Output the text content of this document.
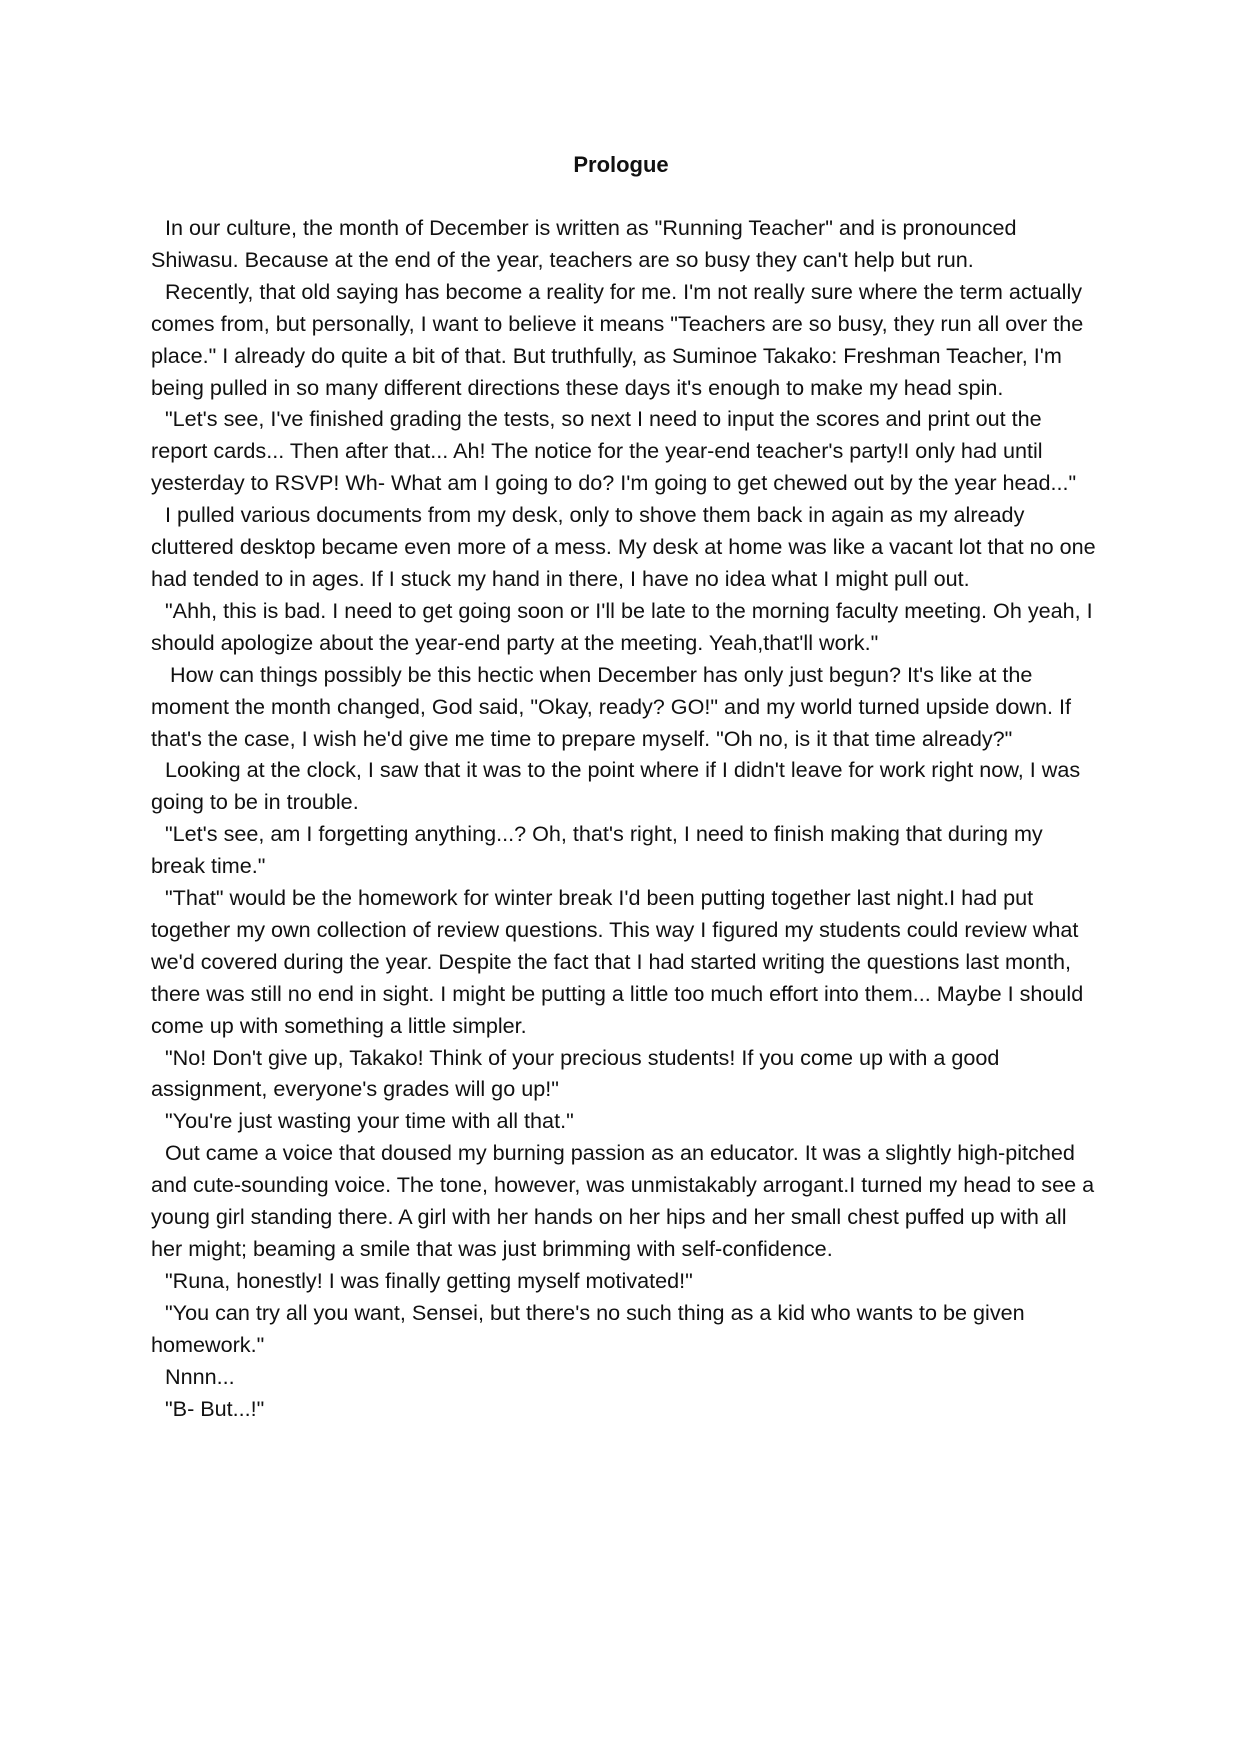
Prologue

In our culture, the month of December is written as "Running Teacher" and is pronounced Shiwasu. Because at the end of the year, teachers are so busy they can't help but run.

Recently, that old saying has become a reality for me. I'm not really sure where the term actually comes from, but personally, I want to believe it means "Teachers are so busy, they run all over the place." I already do quite a bit of that. But truthfully, as Suminoe Takako: Freshman Teacher, I'm being pulled in so many different directions these days it's enough to make my head spin.

"Let's see, I've finished grading the tests, so next I need to input the scores and print out the report cards... Then after that... Ah! The notice for the year-end teacher's party!I only had until yesterday to RSVP! Wh- What am I going to do? I'm going to get chewed out by the year head..."

I pulled various documents from my desk, only to shove them back in again as my already cluttered desktop became even more of a mess. My desk at home was like a vacant lot that no one had tended to in ages. If I stuck my hand in there, I have no idea what I might pull out.

"Ahh, this is bad. I need to get going soon or I'll be late to the morning faculty meeting. Oh yeah, I should apologize about the year-end party at the meeting. Yeah,that'll work."

How can things possibly be this hectic when December has only just begun? It's like at the moment the month changed, God said, "Okay, ready? GO!" and my world turned upside down. If that's the case, I wish he'd give me time to prepare myself. "Oh no, is it that time already?"

Looking at the clock, I saw that it was to the point where if I didn't leave for work right now, I was going to be in trouble.

"Let's see, am I forgetting anything...? Oh, that's right, I need to finish making that during my break time."

"That" would be the homework for winter break I'd been putting together last night.I had put together my own collection of review questions. This way I figured my students could review what we'd covered during the year. Despite the fact that I had started writing the questions last month, there was still no end in sight. I might be putting a little too much effort into them... Maybe I should come up with something a little simpler.

"No! Don't give up, Takako! Think of your precious students! If you come up with a good assignment, everyone's grades will go up!"

"You're just wasting your time with all that."

Out came a voice that doused my burning passion as an educator. It was a slightly high-pitched and cute-sounding voice. The tone, however, was unmistakably arrogant.I turned my head to see a young girl standing there. A girl with her hands on her hips and her small chest puffed up with all her might; beaming a smile that was just brimming with self-confidence.

"Runa, honestly! I was finally getting myself motivated!"

"You can try all you want, Sensei, but there's no such thing as a kid who wants to be given homework."

Nnnn...

"B- But...!"
